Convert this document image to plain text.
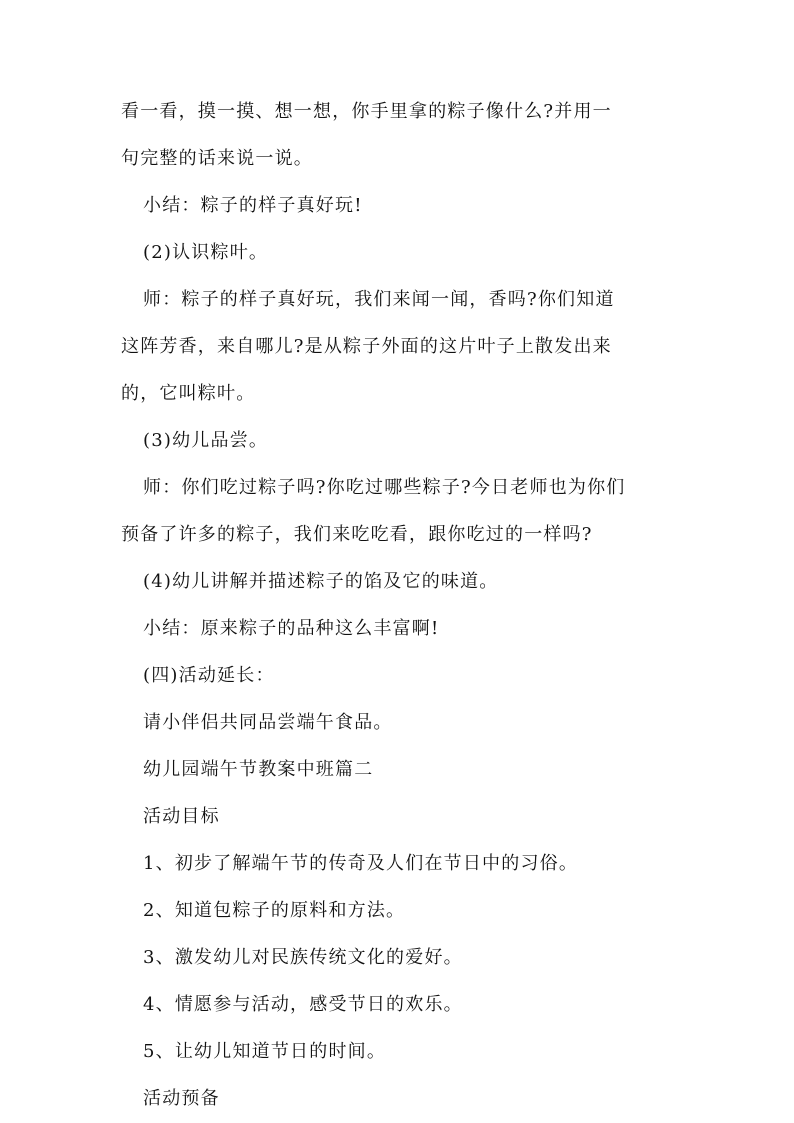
看一看，摸一摸、想一想，你手里拿的粽子像什么?并用一
句完整的话来说一说。
小结：粽子的样子真好玩!
(2)认识粽叶。
师：粽子的样子真好玩，我们来闻一闻，香吗?你们知道
这阵芳香，来自哪儿?是从粽子外面的这片叶子上散发出来
的，它叫粽叶。
(3)幼儿品尝。
师：你们吃过粽子吗?你吃过哪些粽子?今日老师也为你们
预备了许多的粽子，我们来吃吃看，跟你吃过的一样吗?
(4)幼儿讲解并描述粽子的馅及它的味道。
小结：原来粽子的品种这么丰富啊!
(四)活动延长：
请小伴侣共同品尝端午食品。
幼儿园端午节教案中班篇二
活动目标
1、初步了解端午节的传奇及人们在节日中的习俗。
2、知道包粽子的原料和方法。
3、激发幼儿对民族传统文化的爱好。
4、情愿参与活动，感受节日的欢乐。
5、让幼儿知道节日的时间。
活动预备
